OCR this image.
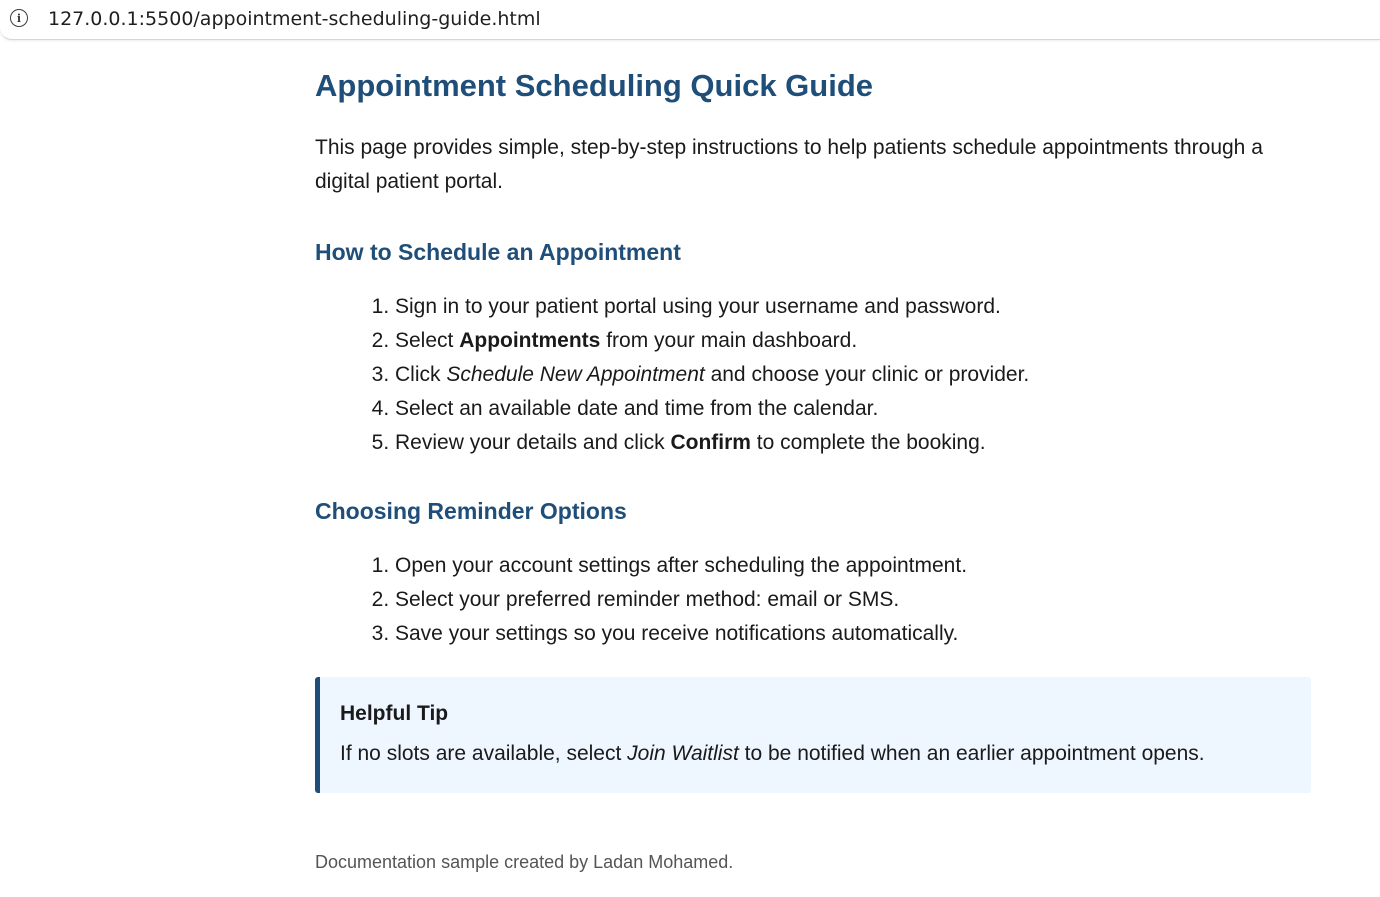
i	127.0.0.1:5500/appointment-scheduling-guide.html
Appointment Scheduling Quick Guide

This page provides simple, step-by-step instructions to help patients schedule appointments through a digital patient portal.

How to Schedule an Appointment
1. Sign in to your patient portal using your username and password.
2. Select Appointments from your main dashboard.
3. Click Schedule New Appointment and choose your clinic or provider.
4. Select an available date and time from the calendar.
5. Review your details and click Confirm to complete the booking.
Choosing Reminder Options
1. Open your account settings after scheduling the appointment.
2. Select your preferred reminder method: email or SMS.
3. Save your settings so you receive notifications automatically.
Helpful Tip
If no slots are available, select Join Waitlist to be notified when an earlier appointment opens.
Documentation sample created by Ladan Mohamed.
